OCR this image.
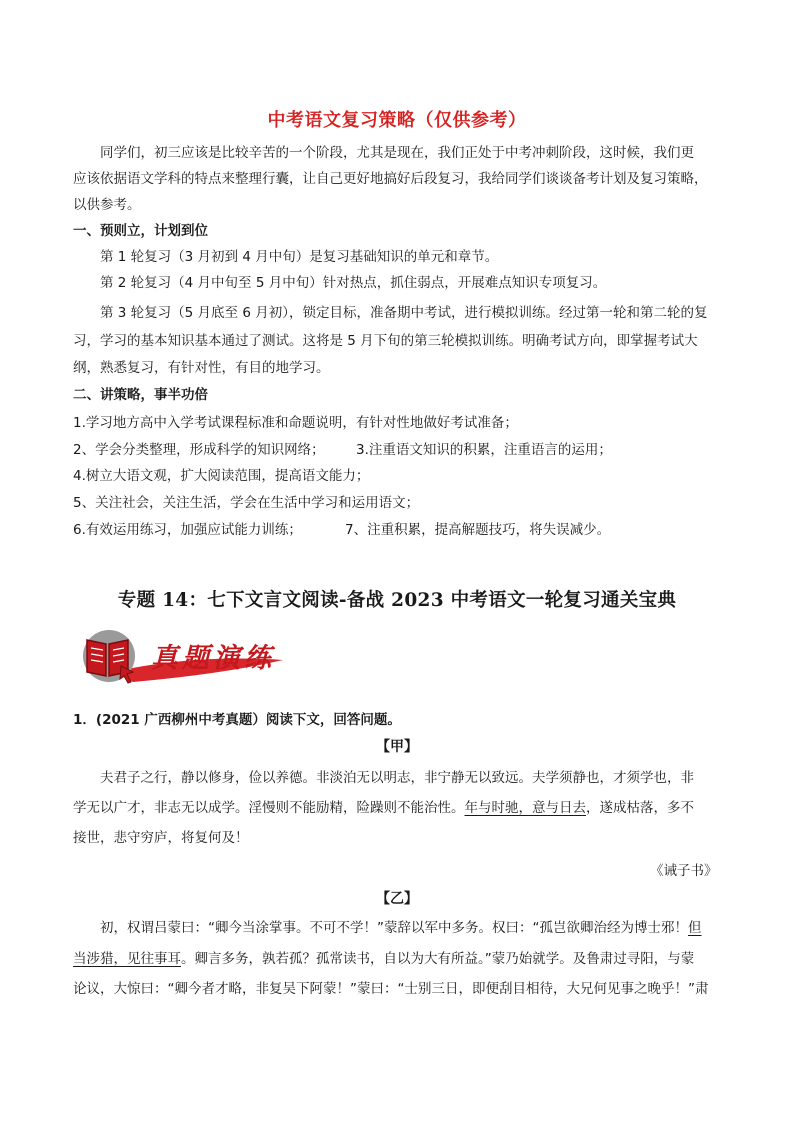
中考语文复习策略（仅供参考）
同学们，初三应该是比较辛苦的一个阶段，尤其是现在，我们正处于中考冲刺阶段，这时候，我们更
应该依据语文学科的特点来整理行囊，让自己更好地搞好后段复习，我给同学们谈谈备考计划及复习策略，
以供参考。
一、预则立，计划到位
第 1 轮复习（3 月初到 4 月中旬）是复习基础知识的单元和章节。
第 2 轮复习（4 月中旬至 5 月中旬）针对热点，抓住弱点，开展难点知识专项复习。
第 3 轮复习（5 月底至 6 月初），锁定目标，准备期中考试，进行模拟训练。经过第一轮和第二轮的复
习，学习的基本知识基本通过了测试。这将是 5 月下旬的第三轮模拟训练。明确考试方向，即掌握考试大
纲，熟悉复习，有针对性，有目的地学习。
二、讲策略，事半功倍
1.学习地方高中入学考试课程标准和命题说明，有针对性地做好考试准备；
2、学会分类整理，形成科学的知识网络； 3.注重语文知识的积累，注重语言的运用；
4.树立大语文观，扩大阅读范围，提高语文能力；
5、关注社会，关注生活，学会在生活中学习和运用语文；
6.有效运用练习，加强应试能力训练；	7、注重积累，提高解题技巧，将失误减少。
专题 14：七下文言文阅读-备战 2023 中考语文一轮复习通关宝典
真题演练
1．(2021 广西柳州中考真题）阅读下文，回答问题。
【甲】
夫君子之行，静以修身，俭以养德。非淡泊无以明志，非宁静无以致远。夫学须静也，才须学也，非
学无以广才，非志无以成学。淫慢则不能励精，险躁则不能治性。年与时驰，意与日去，遂成枯落，多不
接世，悲守穷庐，将复何及！
《诫子书》
【乙】
初，权谓吕蒙曰：“卿今当涂掌事。不可不学！”蒙辞以军中多务。权曰：“孤岂欲卿治经为博士邪！但
当涉猎，见往事耳。卿言多务，孰若孤？孤常读书，自以为大有所益。”蒙乃始就学。及鲁肃过寻阳，与蒙
论议，大惊曰：“卿今者才略，非复吴下阿蒙！”蒙曰：“士别三日，即便刮目相待，大兄何见事之晚乎！”肃
